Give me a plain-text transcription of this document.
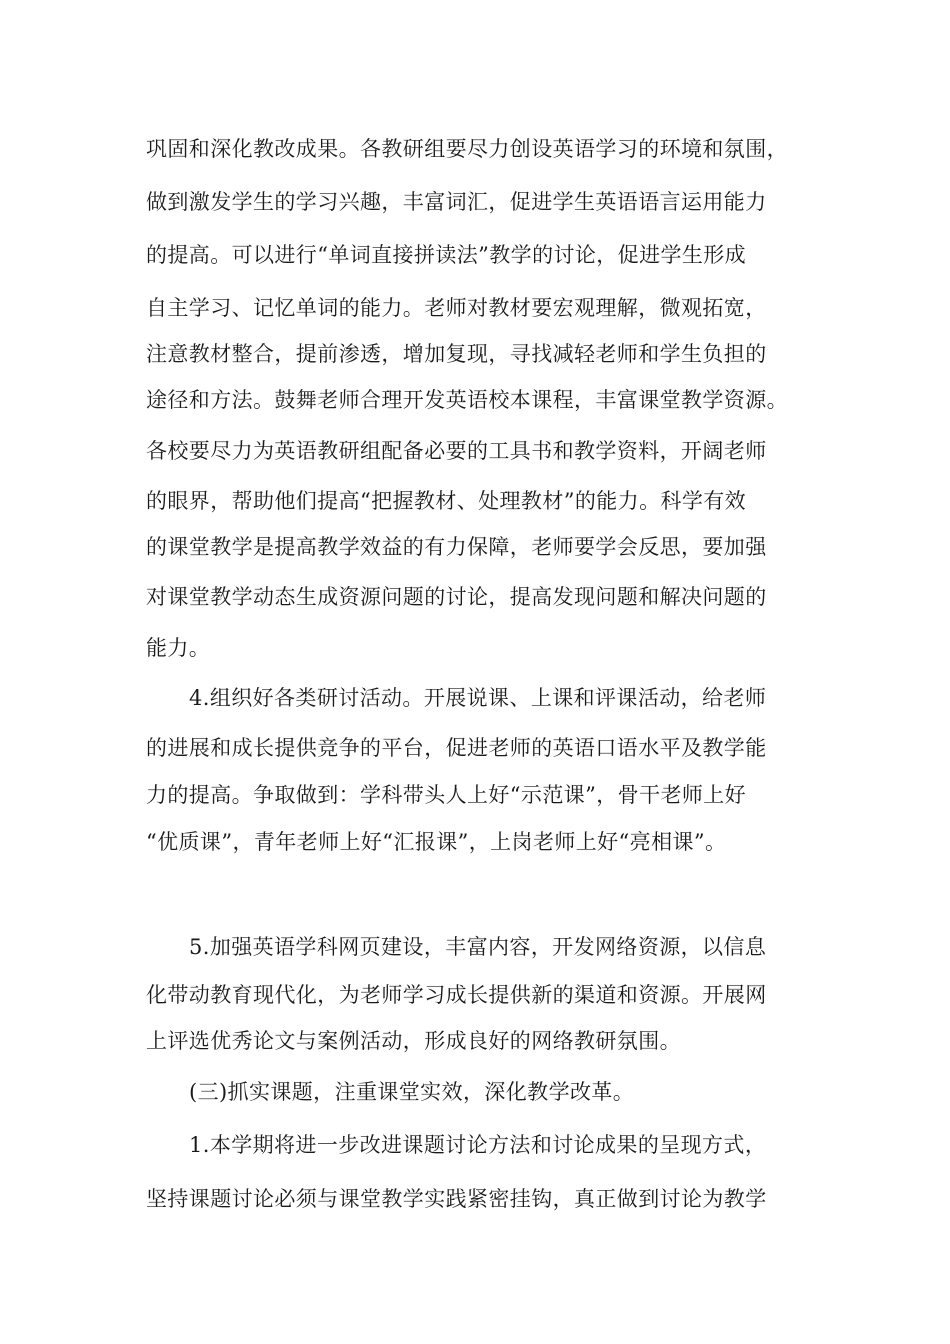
巩固和深化教改成果。各教研组要尽力创设英语学习的环境和氛围，
做到激发学生的学习兴趣，丰富词汇，促进学生英语语言运用能力
的提高。可以进行“单词直接拼读法”教学的讨论，促进学生形成
自主学习、记忆单词的能力。老师对教材要宏观理解，微观拓宽，
注意教材整合，提前渗透，增加复现，寻找减轻老师和学生负担的
途径和方法。鼓舞老师合理开发英语校本课程，丰富课堂教学资源。
各校要尽力为英语教研组配备必要的工具书和教学资料，开阔老师
的眼界，帮助他们提高“把握教材、处理教材”的能力。科学有效
的课堂教学是提高教学效益的有力保障，老师要学会反思，要加强
对课堂教学动态生成资源问题的讨论，提高发现问题和解决问题的
能力。
4.组织好各类研讨活动。开展说课、上课和评课活动，给老师
的进展和成长提供竞争的平台，促进老师的英语口语水平及教学能
力的提高。争取做到：学科带头人上好“示范课”，骨干老师上好
“优质课”，青年老师上好“汇报课”，上岗老师上好“亮相课”。
5.加强英语学科网页建设，丰富内容，开发网络资源，以信息
化带动教育现代化，为老师学习成长提供新的渠道和资源。开展网
上评选优秀论文与案例活动，形成良好的网络教研氛围。
(三)抓实课题，注重课堂实效，深化教学改革。
1.本学期将进一步改进课题讨论方法和讨论成果的呈现方式，
坚持课题讨论必须与课堂教学实践紧密挂钩，真正做到讨论为教学
